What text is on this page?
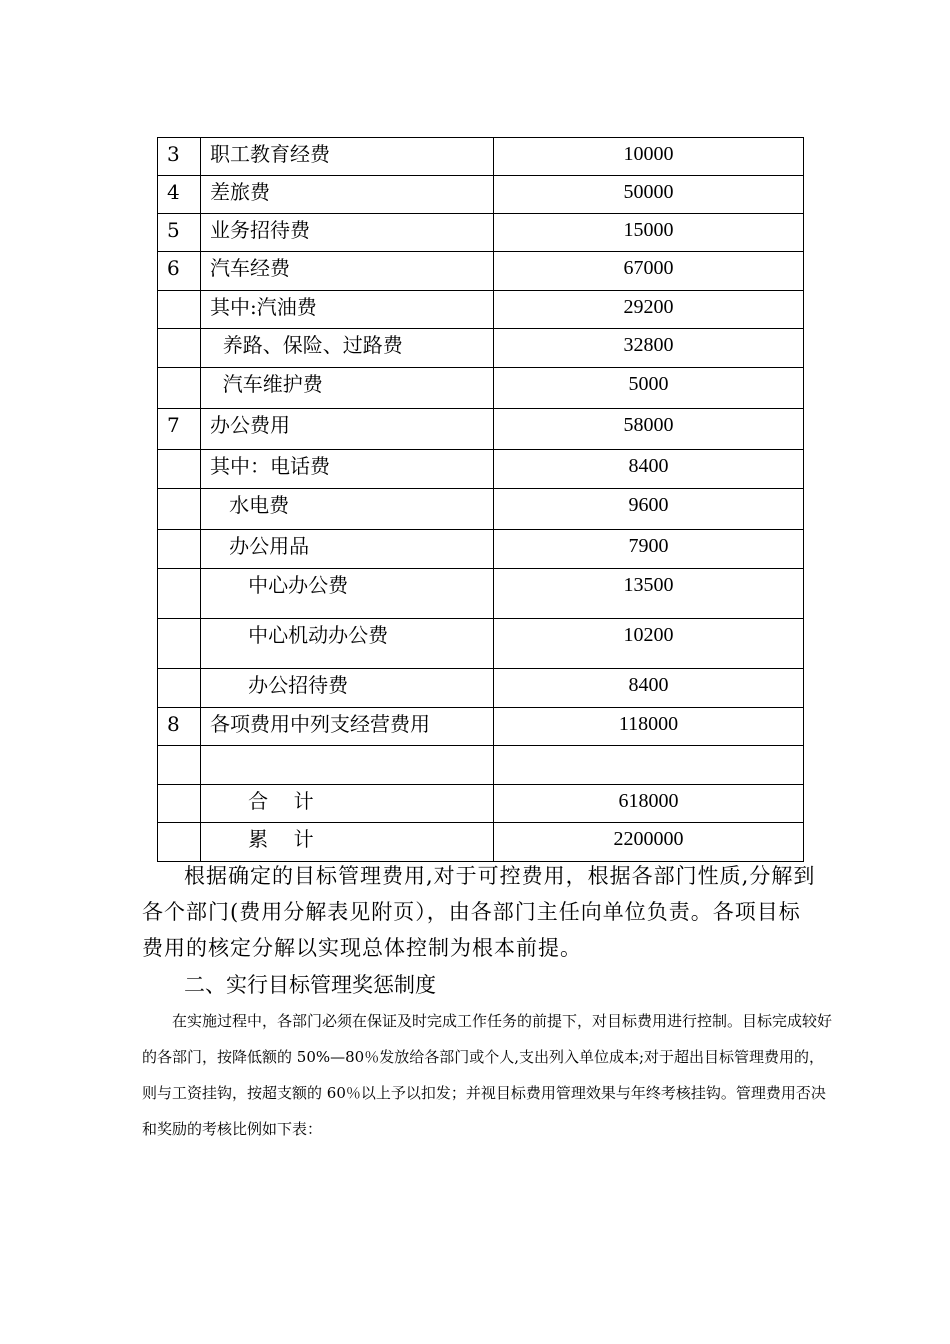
3	职工教育经费	10000

4	差旅费	50000

5	业务招待费	15000

6	汽车经费	67000

	其中:汽油费	29200

	养路、保险、过路费	32800

	汽车维护费	5000

7	办公费用	58000

	其中：电话费	8400

	水电费	9600

	办公用品	7900

	中心办公费	13500

	中心机动办公费	10200

	办公招待费	8400

8	各项费用中列支经营费用	118000

	合    计	618000

	累    计	2200000

根据确定的目标管理费用,对于可控费用，根据各部门性质,分解到各个部门(费用分解表见附页），由各部门主任向单位负责。各项目标费用的核定分解以实现总体控制为根本前提。

二、实行目标管理奖惩制度

在实施过程中，各部门必须在保证及时完成工作任务的前提下，对目标费用进行控制。目标完成较好的各部门，按降低额的 50%—80％发放给各部门或个人,支出列入单位成本;对于超出目标管理费用的， 则与工资挂钩，按超支额的 60％以上予以扣发；并视目标费用管理效果与年终考核挂钩。管理费用否决和奖励的考核比例如下表：
